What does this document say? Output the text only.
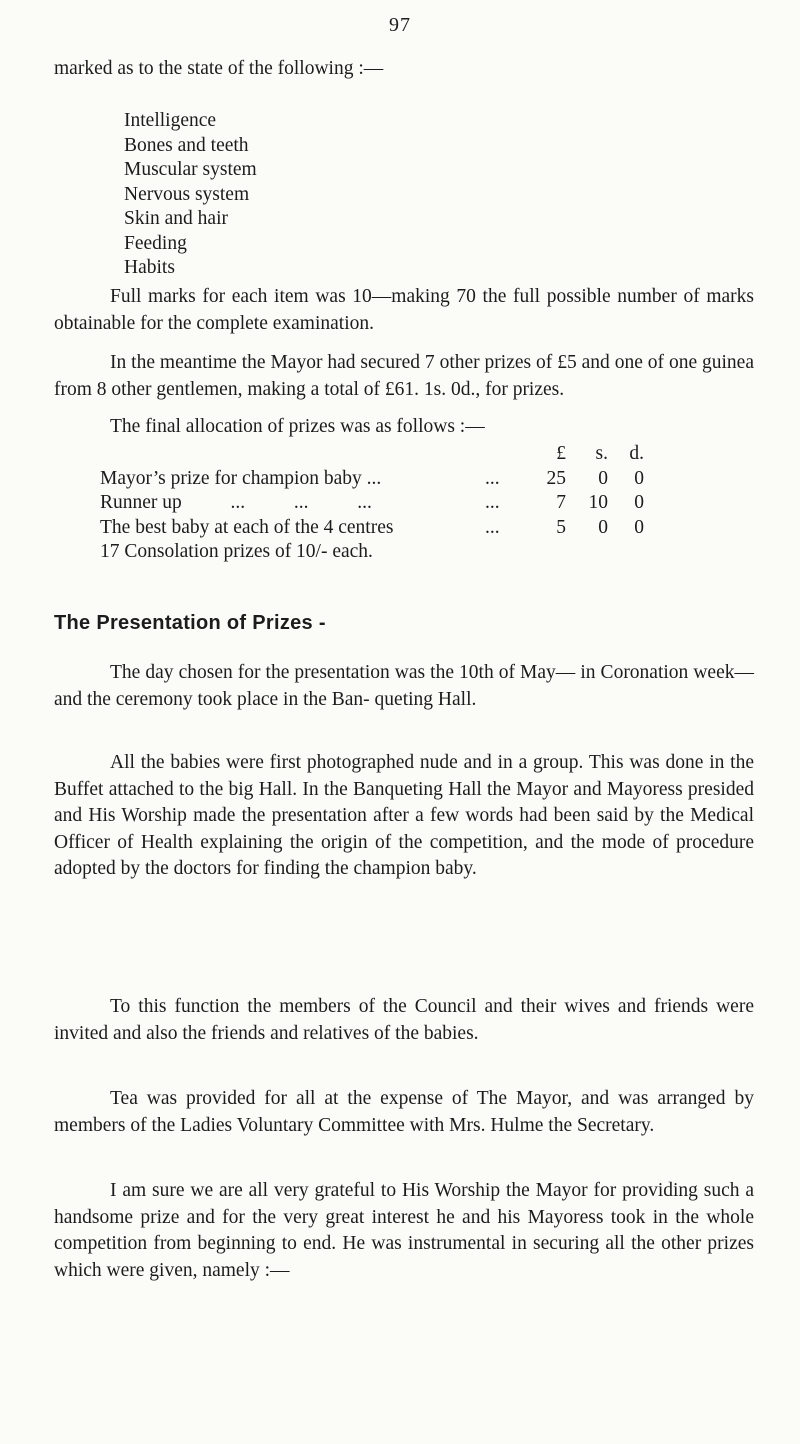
97

marked as to the state of the following :—

Intelligence
Bones and teeth
Muscular system
Nervous system
Skin and hair
Feeding
Habits

Full marks for each item was 10—making 70 the full possible number of marks obtainable for the complete examination.

In the meantime the Mayor had secured 7 other prizes of £5 and one of one guinea from 8 other gentlemen, making a total of £61. 1s. 0d., for prizes.

The final allocation of prizes was as follows :—

£	s.	d.
Mayor’s prize for champion baby ...	...	25	0	0
Runner up          ...          ...          ...	...	7	10	0
The best baby at each of the 4 centres	...	5	0	0
17 Consolation prizes of 10/- each.
The Presentation of Prizes -

The day chosen for the presentation was the 10th of May— in Coronation week—and the ceremony took place in the Ban- queting Hall.

All the babies were first photographed nude and in a group. This was done in the Buffet attached to the big Hall. In the Banqueting Hall the Mayor and Mayoress presided and His Worship made the presentation after a few words had been said by the Medical Officer of Health explaining the origin of the competition, and the mode of procedure adopted by the doctors for finding the champion baby.

To this function the members of the Council and their wives and friends were invited and also the friends and relatives of the babies.

Tea was provided for all at the expense of The Mayor, and was arranged by members of the Ladies Voluntary Committee with Mrs. Hulme the Secretary.

I am sure we are all very grateful to His Worship the Mayor for providing such a handsome prize and for the very great interest he and his Mayoress took in the whole competition from beginning to end. He was instrumental in securing all the other prizes which were given, namely :—
